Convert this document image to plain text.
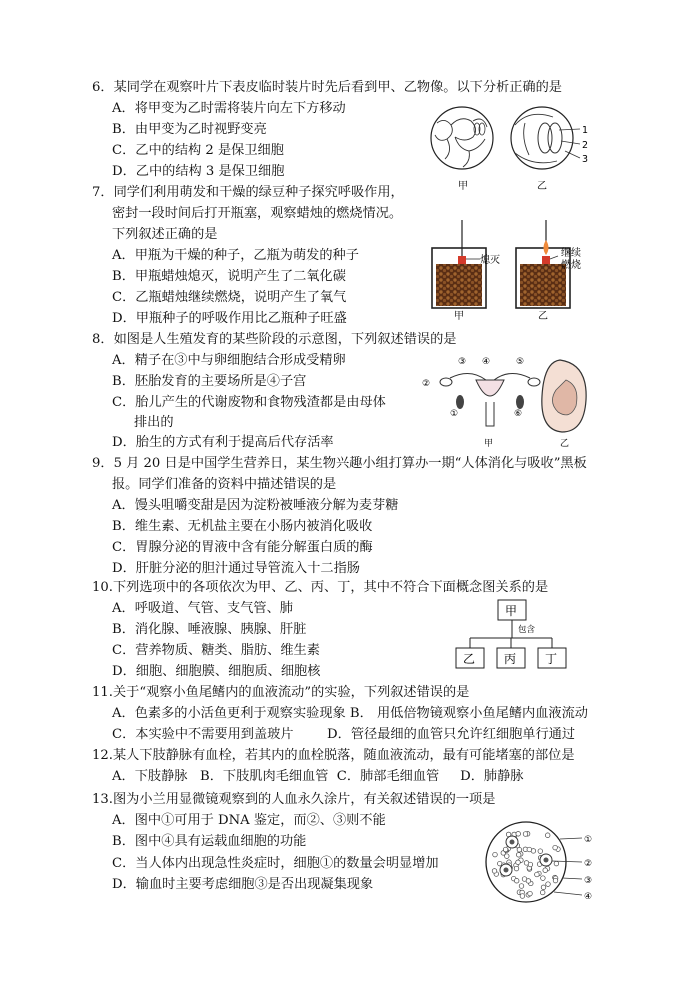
6．某同学在观察叶片下表皮临时装片时先后看到甲、乙物像。以下分析正确的是
A．将甲变为乙时需将装片向左下方移动
B．由甲变为乙时视野变亮
C．乙中的结构 2 是保卫细胞
D．乙中的结构 3 是保卫细胞
甲
1
2
3
乙
7．同学们利用萌发和干燥的绿豆种子探究呼吸作用，
密封一段时间后打开瓶塞，观察蜡烛的燃烧情况。
下列叙述正确的是
A．甲瓶为干燥的种子，乙瓶为萌发的种子
B．甲瓶蜡烛熄灭，说明产生了二氧化碳
C．乙瓶蜡烛继续燃烧，说明产生了氧气
D．甲瓶种子的呼吸作用比乙瓶种子旺盛
熄灭
甲
继续
燃烧
乙
8．如图是人生殖发育的某些阶段的示意图，下列叙述错误的是
A．精子在③中与卵细胞结合形成受精卵
B．胚胎发育的主要场所是④子宫
C．胎儿产生的代谢废物和食物残渣都是由母体
排出的
D．胎生的方式有利于提高后代存活率
②
③ ④	⑤
①	⑥
甲	乙
9．5 月 20 日是中国学生营养日，某生物兴趣小组打算办一期“人体消化与吸收”黑板
报。同学们准备的资料中描述错误的是
A．馒头咀嚼变甜是因为淀粉被唾液分解为麦芽糖
B．维生素、无机盐主要在小肠内被消化吸收
C．胃腺分泌的胃液中含有能分解蛋白质的酶
D．肝脏分泌的胆汁通过导管流入十二指肠
10.下列选项中的各项依次为甲、乙、丙、丁，其中不符合下面概念图关系的是
A．呼吸道、气管、支气管、肺
B．消化腺、唾液腺、胰腺、肝脏
C．营养物质、糖类、脂肪、维生素
D．细胞、细胞膜、细胞质、细胞核
甲
包含
乙 丙 丁
11.关于“观察小鱼尾鳍内的血液流动”的实验，下列叙述错误的是
A．色素多的小活鱼更利于观察实验现象 B． 用低倍物镜观察小鱼尾鳍内血液流动
C．本实验中不需要用到盖玻片        D．管径最细的血管只允许红细胞单行通过
12.某人下肢静脉有血栓，若其内的血栓脱落，随血液流动，最有可能堵塞的部位是
A．下肢静脉   B．下肢肌肉毛细血管  C．肺部毛细血管     D．肺静脉
13.图为小兰用显微镜观察到的人血永久涂片，有关叙述错误的一项是
A．图中①可用于 DNA 鉴定，而②、③则不能
B．图中④具有运载血细胞的功能
C．当人体内出现急性炎症时，细胞①的数量会明显增加
D．输血时主要考虑细胞③是否出现凝集现象
①
②
③
④
